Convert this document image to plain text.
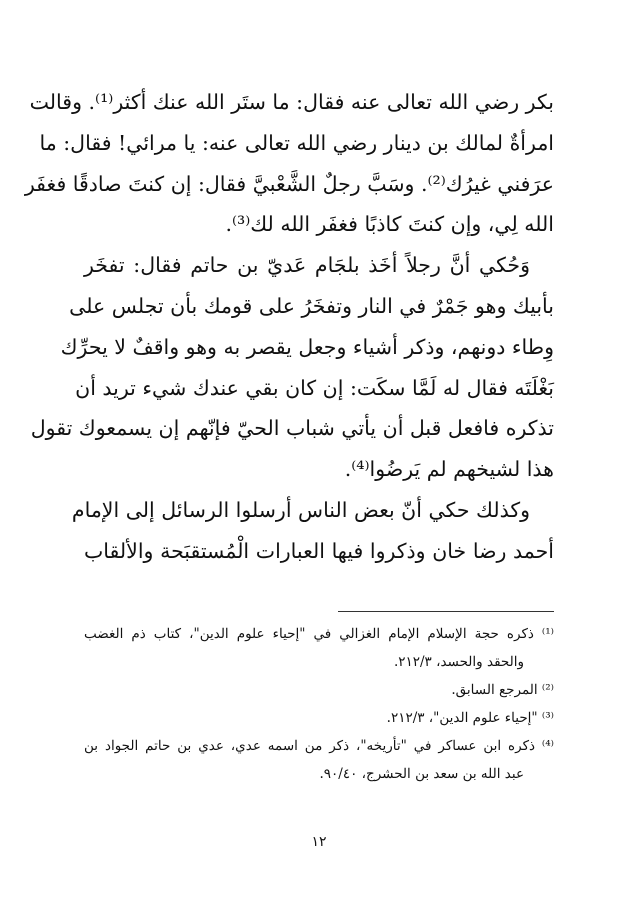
بكر رضي الله تعالى عنه فقال: ما ستَر الله عنك أكثر⁽¹⁾. وقالت
امرأةٌ لمالك بن دينار رضي الله تعالى عنه: يا مرائي! فقال: ما
عرَفني غيرُك⁽²⁾. وسَبَّ رجلٌ الشَّعْبيَّ فقال: إن كنتَ صادقًا فغفَر
الله لِي، وإن كنتَ كاذبًا فغفَر الله لك⁽³⁾.
وَحُكي أنَّ رجلاً أخَذ بلجَام عَديّ بن حاتم فقال: تفخَر
بأبيك وهو جَمْرٌ في النار وتفخَرُ على قومك بأن تجلس على
وِطاء دونهم، وذكر أشياء وجعل يقصر به وهو واقفٌ لا يحرِّك
بَغْلَتَه فقال له لَمَّا سكَت: إن كان بقي عندك شيء تريد أن
تذكره فافعل قبل أن يأتي شباب الحيّ فإنّهم إن يسمعوك تقول
هذا لشيخهم لم يَرضُوا⁽⁴⁾.
وكذلك حكي أنّ بعض الناس أرسلوا الرسائل إلى الإمام
أحمد رضا خان وذكروا فيها العبارات الْمُستقبَحة والألقاب
⁽¹⁾ ذكره حجة الإسلام الإمام الغزالي في "إحياء علوم الدين"، كتاب ذم الغضب
والحقد والحسد، ٢١٢/٣.
⁽²⁾ المرجع السابق.
⁽³⁾ "إحياء علوم الدين"، ٢١٢/٣.
⁽⁴⁾ ذكره ابن عساكر في "تأريخه"، ذكر من اسمه عدي، عدي بن حاتم الجواد بن
عبد الله بن سعد بن الحشرج، ٩٠/٤٠.
١٢
